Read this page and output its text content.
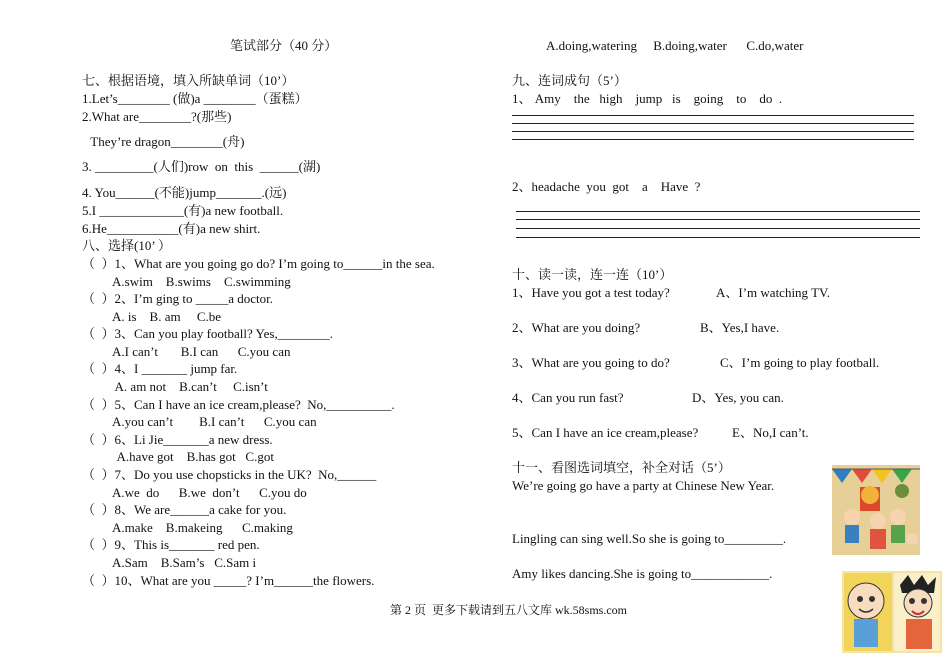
笔试部分（40 分）	A.doing,watering     B.doing,water      C.do,water
七、根据语境，填入所缺单词（10’）
1.Let’s________ (做)a ________（蛋糕）
2.What are________?(那些)
They’re dragon________(舟)
3. _________(人们)row  on  this  ______(湖)
4. You______(不能)jump_______.(远)
5.I _____________(有)a new football.
6.He___________(有)a new shirt.
八、选择(10’ ）
（  ）1、What are you going go do? I’m going to______in the sea.
A.swim    B.swims    C.swimming
（  ）2、I’m ging to _____a doctor.
A. is    B. am     C.be
（  ）3、Can you play football? Yes,________.
A.I can’t       B.I can      C.you can
（  ）4、I _______ jump far.
A. am not    B.can’t     C.isn’t
（  ）5、Can I have an ice cream,please?  No,__________.
A.you can’t        B.I can’t      C.you can
（  ）6、Li Jie_______a new dress.
A.have got    B.has got   C.got
（  ）7、Do you use chopsticks in the UK?  No,______
A.we  do      B.we  don’t      C.you do
（  ）8、We are______a cake for you.
A.make    B.makeing      C.making
（  ）9、This is_______ red pen.
A.Sam    B.Sam’s   C.Sam i
（  ）10、What are you _____? I’m______the flowers.
九、连词成句（5’）
1、 Amy    the   high    jump   is    going    to    do  .
2、headache  you  got    a    Have  ?
十、读一读，连一连（10’）
1、Have you got a test today?	A、I’m watching TV.
2、What are you doing?	B、Yes,I have.
3、What are you going to do?	C、I’m going to play football.
4、Can you run fast?	D、Yes, you can.
5、Can I have an ice cream,please?	E、No,I can’t.
十一、看图选词填空，补全对话（5’）
We’re going go have a party at Chinese New Year.
Lingling can sing well.So she is going to_________.
Amy likes dancing.She is going to____________.
第 2 页  更多下载请到五八文库 wk.58sms.com
